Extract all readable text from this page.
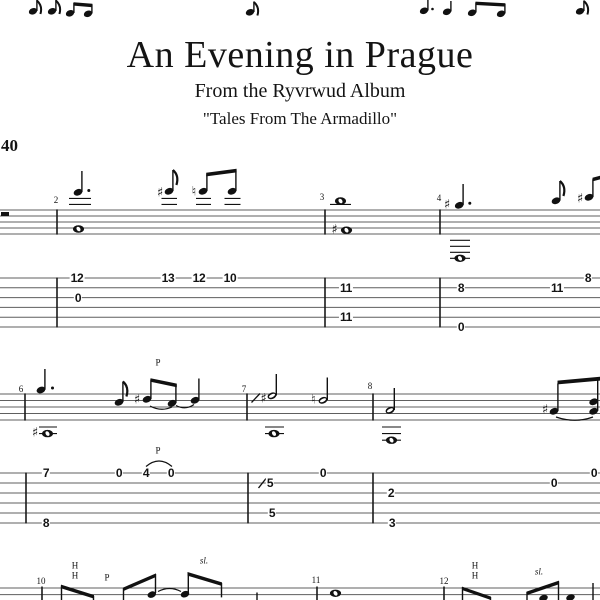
An Evening in Prague
From the Ryvrwud Album
"Tales From The Armadillo"
40
2	3	4
6	7	8
10	11	12
♯ ♮
♯
♯	♯
♯
♯	♯	♮
♯
P
P
H
H	P
sl.	H
H	sl.
12
0
13 12 10
11
11
8
0
11
8
7
8
0 4 0
5
5
0
2
3
0
0
